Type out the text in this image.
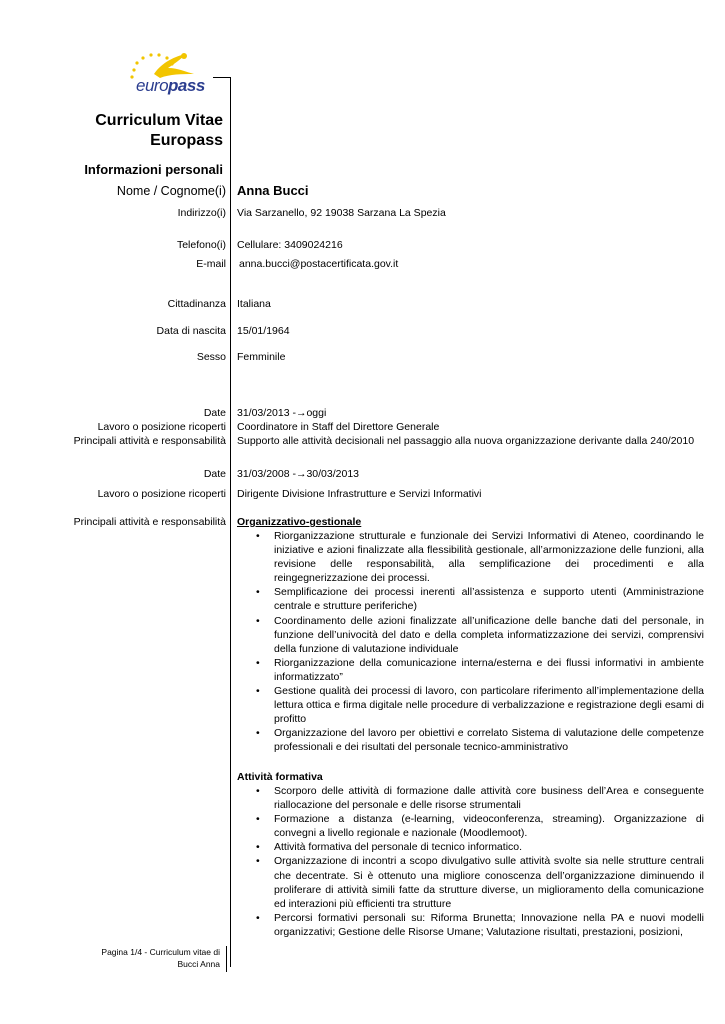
europass
Curriculum Vitae
Europass
Informazioni personali
Nome / Cognome(i) Anna Bucci
Indirizzo(i) Via Sarzanello, 92 19038 Sarzana La Spezia
Telefono(i) Cellulare: 3409024216
E-mail anna.bucci@postacertificata.gov.it
Cittadinanza Italiana
Data di nascita 15/01/1964
Sesso Femminile
Date 31/03/2013 -→oggi
Lavoro o posizione ricoperti Coordinatore in Staff del Direttore Generale
Principali attività e responsabilità Supporto alle attività decisionali nel passaggio alla nuova organizzazione derivante dalla 240/2010
Date 31/03/2008 -→30/03/2013
Lavoro o posizione ricoperti Dirigente Divisione Infrastrutture e Servizi Informativi
Principali attività e responsabilità Organizzativo-gestionale
• Riorganizzazione strutturale e funzionale dei Servizi Informativi di Ateneo, coordinando le iniziative e azioni finalizzate alla flessibilità gestionale, all’armonizzazione delle funzioni, alla revisione delle responsabilità, alla semplificazione dei procedimenti e alla reingegnerizzazione dei processi.
• Semplificazione dei processi inerenti all’assistenza e supporto utenti (Amministrazione centrale e strutture periferiche)
• Coordinamento delle azioni finalizzate all’unificazione delle banche dati del personale, in funzione dell’univocità del dato e della completa informatizzazione dei servizi, comprensivi della funzione di valutazione individuale
• Riorganizzazione della comunicazione interna/esterna e dei flussi informativi in ambiente informatizzato”
• Gestione qualità dei processi di lavoro, con particolare riferimento all’implementazione della lettura ottica e firma digitale nelle procedure di verbalizzazione e registrazione degli esami di profitto
• Organizzazione del lavoro per obiettivi e correlato Sistema di valutazione delle competenze professionali e dei risultati del personale tecnico-amministrativo
Attività formativa
• Scorporo delle attività di formazione dalle attività core business dell’Area e conseguente riallocazione del personale e delle risorse strumentali
• Formazione a distanza (e-learning, videoconferenza, streaming). Organizzazione di convegni a livello regionale e nazionale (Moodlemoot).
• Attività formativa del personale di tecnico informatico.
• Organizzazione di incontri a scopo divulgativo sulle attività svolte sia nelle strutture centrali che decentrate. Si è ottenuto una migliore conoscenza dell’organizzazione diminuendo il proliferare di attività simili fatte da strutture diverse, un miglioramento della comunicazione ed interazioni più efficienti tra strutture
• Percorsi formativi personali su: Riforma Brunetta; Innovazione nella PA e nuovi modelli organizzativi; Gestione delle Risorse Umane; Valutazione risultati, prestazioni, posizioni,
Pagina 1/4 - Curriculum vitae di
Bucci Anna
